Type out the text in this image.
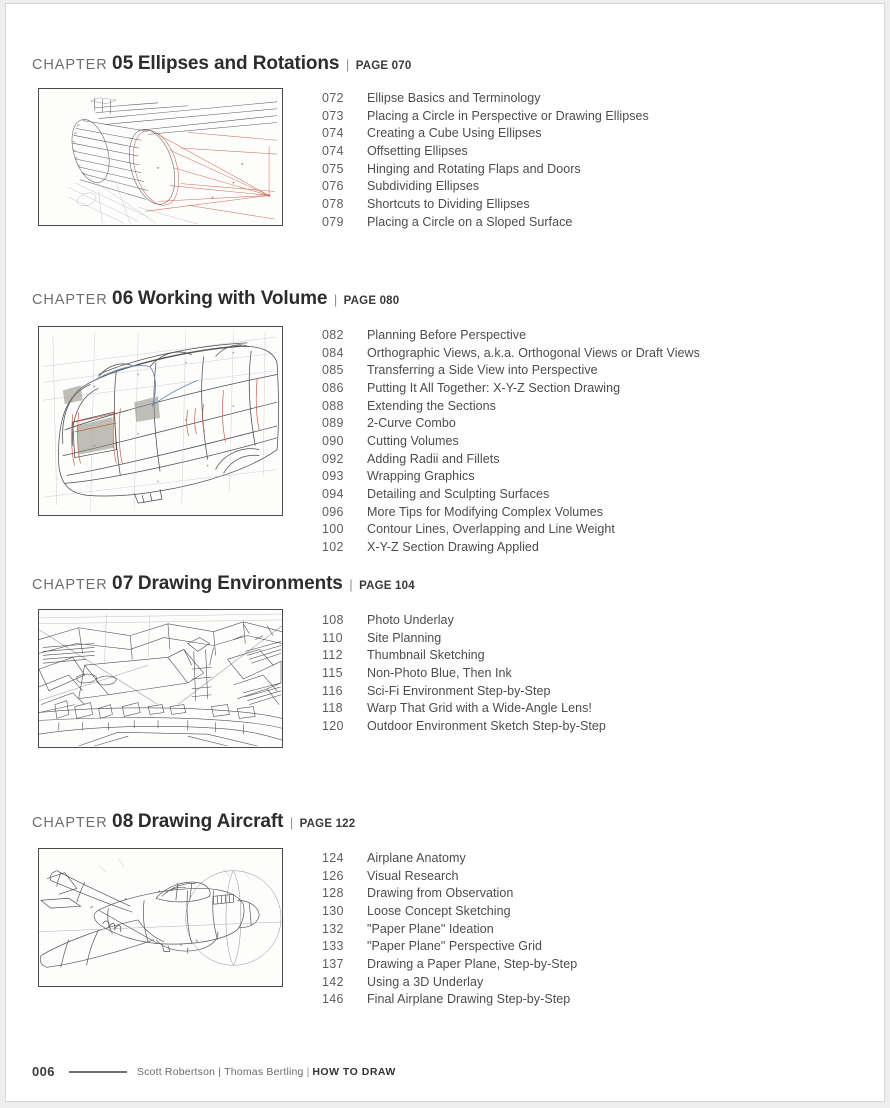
CHAPTER 05 Ellipses and Rotations | PAGE 070
072	Ellipse Basics and Terminology
073	Placing a Circle in Perspective or Drawing Ellipses
074	Creating a Cube Using Ellipses
074	Offsetting Ellipses
075	Hinging and Rotating Flaps and Doors
076	Subdividing Ellipses
078	Shortcuts to Dividing Ellipses
079	Placing a Circle on a Sloped Surface
CHAPTER 06 Working with Volume | PAGE 080
082	Planning Before Perspective
084	Orthographic Views, a.k.a. Orthogonal Views or Draft Views
085	Transferring a Side View into Perspective
086	Putting It All Together: X-Y-Z Section Drawing
088	Extending the Sections
089	2-Curve Combo
090	Cutting Volumes
092	Adding Radii and Fillets
093	Wrapping Graphics
094	Detailing and Sculpting Surfaces
096	More Tips for Modifying Complex Volumes
100	Contour Lines, Overlapping and Line Weight
102	X-Y-Z Section Drawing Applied
CHAPTER 07 Drawing Environments | PAGE 104
108	Photo Underlay
110	Site Planning
112	Thumbnail Sketching
115	Non-Photo Blue, Then Ink
116	Sci-Fi Environment Step-by-Step
118	Warp That Grid with a Wide-Angle Lens!
120	Outdoor Environment Sketch Step-by-Step
CHAPTER 08 Drawing Aircraft | PAGE 122
124	Airplane Anatomy
126	Visual Research
128	Drawing from Observation
130	Loose Concept Sketching
132	"Paper Plane" Ideation
133	"Paper Plane" Perspective Grid
137	Drawing a Paper Plane, Step-by-Step
142	Using a 3D Underlay
146	Final Airplane Drawing Step-by-Step
006	Scott Robertson | Thomas Bertling | HOW TO DRAW
